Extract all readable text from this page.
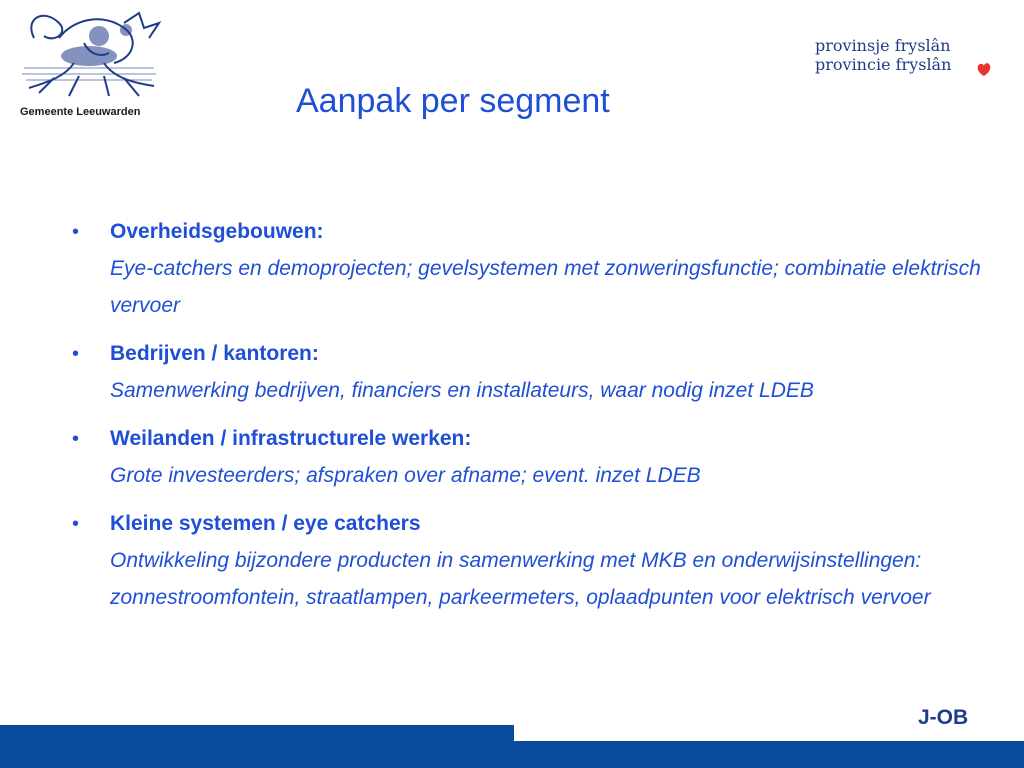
Gemeente Leeuwarden
provinsje fryslân
provincie fryslân
Aanpak per segment
• Overheidsgebouwen:
Eye-catchers en demoprojecten; gevelsystemen met zonweringsfunctie; combinatie elektrisch vervoer
• Bedrijven / kantoren:
Samenwerking bedrijven, financiers en installateurs, waar nodig inzet LDEB
• Weilanden / infrastructurele werken:
Grote investeerders; afspraken over afname; event. inzet LDEB
• Kleine systemen / eye catchers
Ontwikkeling bijzondere producten in samenwerking met MKB en onderwijsinstellingen: zonnestroomfontein, straatlampen, parkeermeters, oplaadpunten voor elektrisch vervoer
J-OB
